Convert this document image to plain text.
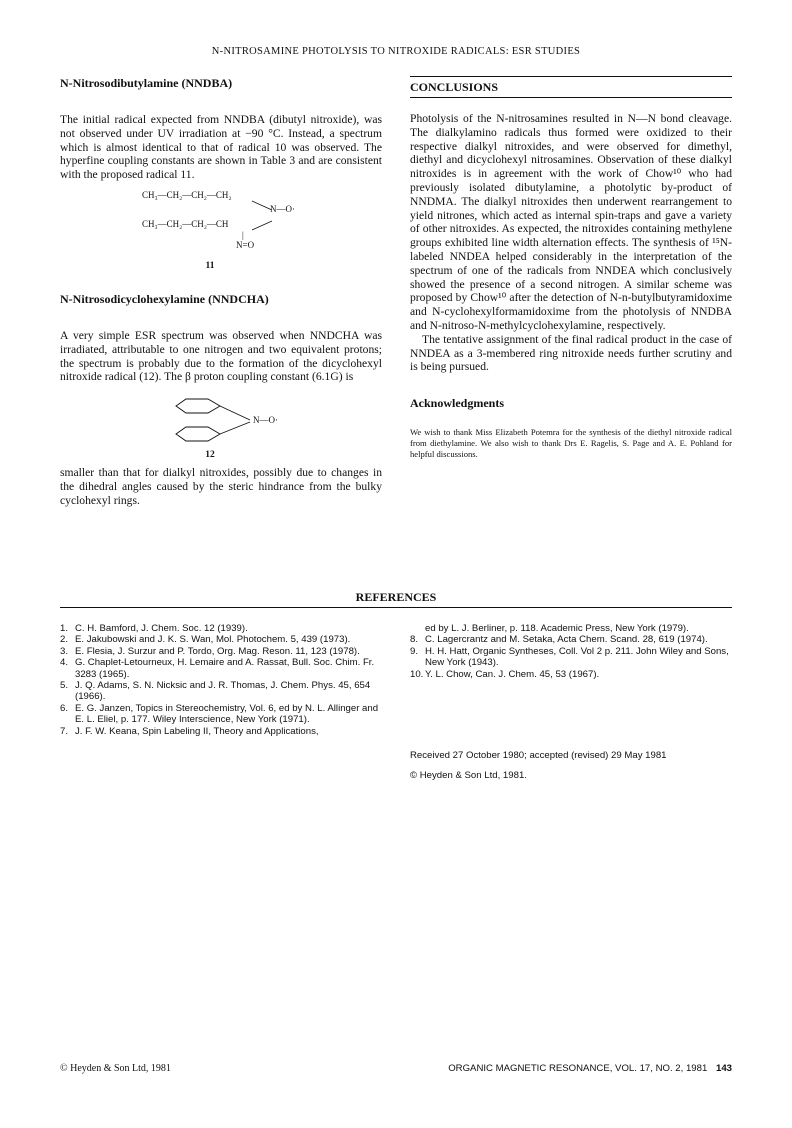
N-NITROSAMINE PHOTOLYSIS TO NITROXIDE RADICALS: ESR STUDIES
N-Nitrosodibutylamine (NNDBA)

The initial radical expected from NNDBA (dibutyl nitroxide), was not observed under UV irradiation at −90 °C. Instead, a spectrum which is almost identical to that of radical 10 was observed. The hyperfine coupling constants are shown in Table 3 and are consistent with the proposed radical 11.

CH₃—CH₂—CH₂—CH₂
N—O·
CH₃—CH₂—CH₂—CH
|
N=O
11
N-Nitrosodicyclohexylamine (NNDCHA)

A very simple ESR spectrum was observed when NNDCHA was irradiated, attributable to one nitrogen and two equivalent protons; the spectrum is probably due to the formation of the dicyclohexyl nitroxide radical (12). The β proton coupling constant (6.1G) is

N—O·
12

smaller than that for dialkyl nitroxides, possibly due to changes in the dihedral angles caused by the steric hindrance from the bulky cyclohexyl rings.

CONCLUSIONS

Photolysis of the N-nitrosamines resulted in N—N bond cleavage. The dialkylamino radicals thus formed were oxidized to their respective dialkyl nitroxides, and were observed for dimethyl, diethyl and dicyclohexyl nitrosamines. Observation of these dialkyl nitroxides is in agreement with the work of Chow¹⁰ who had previously isolated dibutylamine, a photolytic by-product of NNDMA. The dialkyl nitroxides then underwent rearrangement to yield nitrones, which acted as internal spin-traps and gave a variety of other nitroxides. As expected, the nitroxides containing methylene groups exhibited line width alternation effects. The synthesis of ¹⁵N-labeled NNDEA helped considerably in the interpretation of the spectrum of one of the radicals from NNDEA which conclusively showed the presence of a second nitrogen. A similar scheme was proposed by Chow¹⁰ after the detection of N-n-butylbutyramidoxime and N-cyclohexylformamidoxime from the photolysis of NNDBA and N-nitroso-N-methylcyclohexylamine, respectively.

The tentative assignment of the final radical product in the case of NNDEA as a 3-membered ring nitroxide needs further scrutiny and is being pursued.

Acknowledgments

We wish to thank Miss Elizabeth Potemra for the synthesis of the diethyl nitroxide radical from diethylamine. We also wish to thank Drs E. Ragelis, S. Page and A. E. Pohland for helpful discussions.

REFERENCES
1. C. H. Bamford, J. Chem. Soc. 12 (1939).
2. E. Jakubowski and J. K. S. Wan, Mol. Photochem. 5, 439 (1973).
3. E. Flesia, J. Surzur and P. Tordo, Org. Mag. Reson. 11, 123 (1978).
4. G. Chaplet-Letourneux, H. Lemaire and A. Rassat, Bull. Soc. Chim. Fr. 3283 (1965).
5. J. Q. Adams, S. N. Nicksic and J. R. Thomas, J. Chem. Phys. 45, 654 (1966).
6. E. G. Janzen, Topics in Stereochemistry, Vol. 6, ed by N. L. Allinger and E. L. Eliel, p. 177. Wiley Interscience, New York (1971).
7. J. F. W. Keana, Spin Labeling II, Theory and Applications,
ed by L. J. Berliner, p. 118. Academic Press, New York (1979).
8. C. Lagercrantz and M. Setaka, Acta Chem. Scand. 28, 619 (1974).
9. H. H. Hatt, Organic Syntheses, Coll. Vol 2 p. 211. John Wiley and Sons, New York (1943).
10. Y. L. Chow, Can. J. Chem. 45, 53 (1967).
Received 27 October 1980; accepted (revised) 29 May 1981
© Heyden & Son Ltd, 1981.
© Heyden & Son Ltd, 1981	ORGANIC MAGNETIC RESONANCE, VOL. 17, NO. 2, 1981 143
